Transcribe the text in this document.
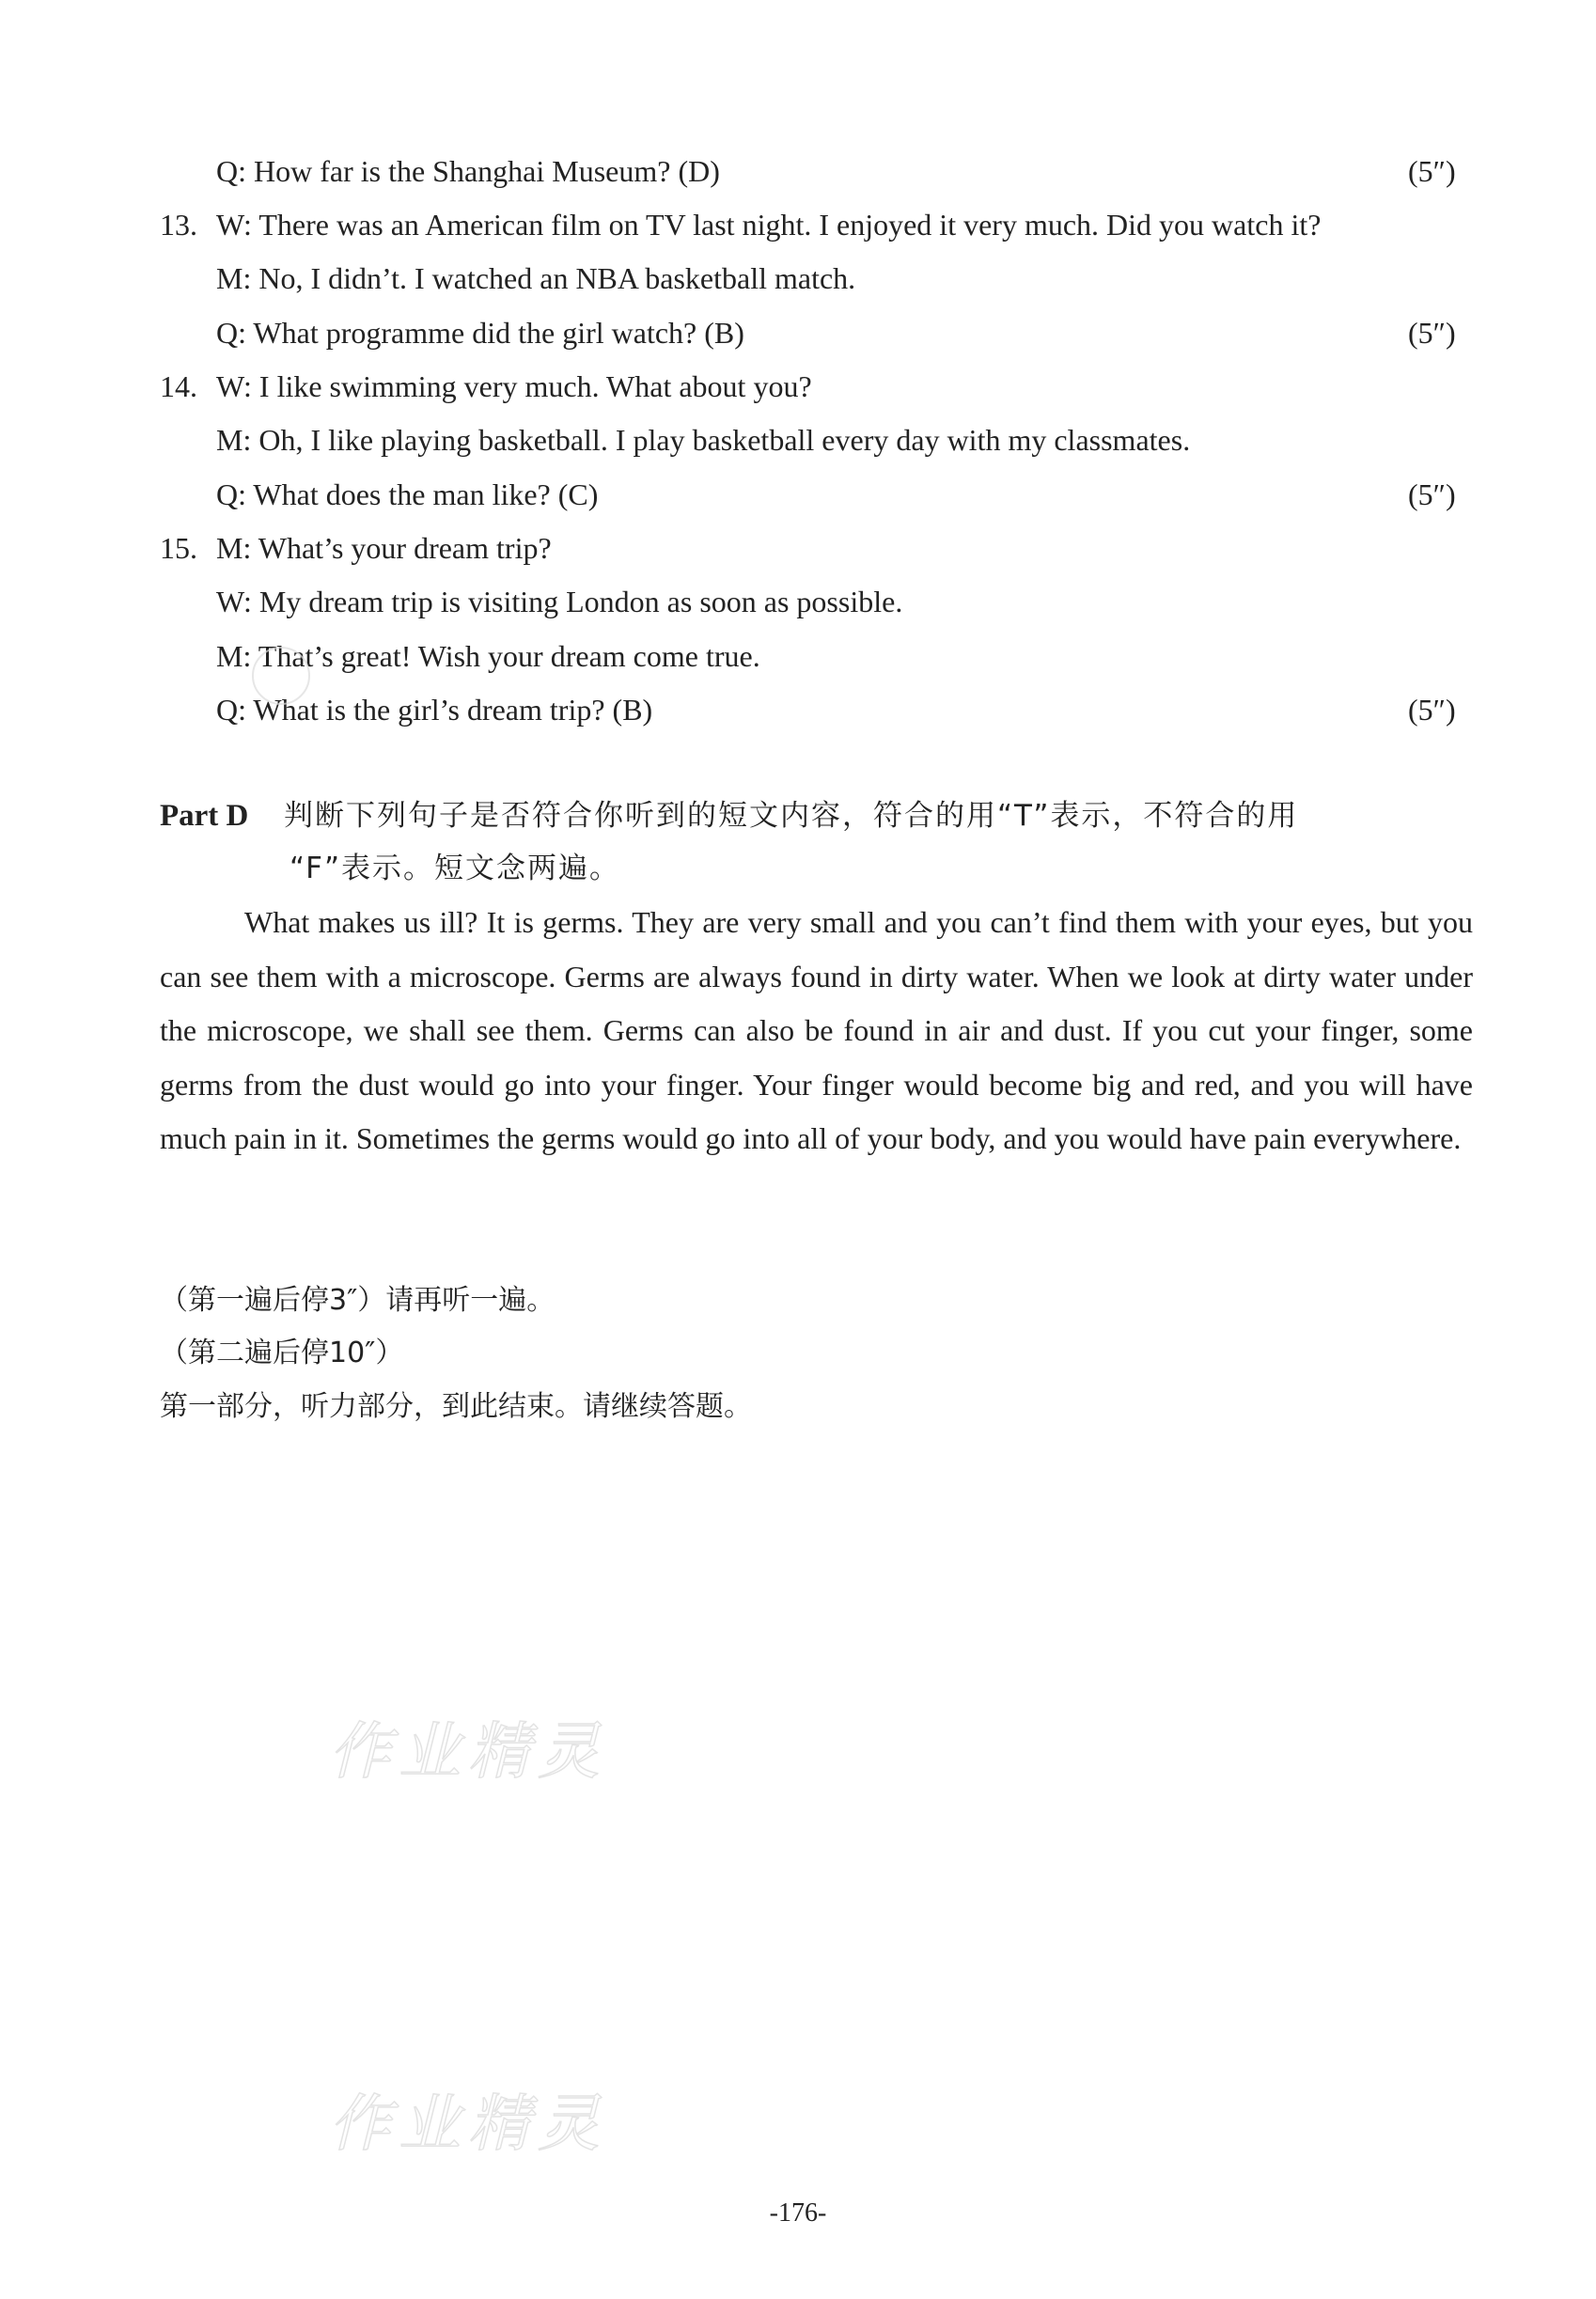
Q: How far is the Shanghai Museum? (D)	(5″)
13. W: There was an American film on TV last night. I enjoyed it very much. Did you watch it?
M: No, I didn’t. I watched an NBA basketball match.
Q: What programme did the girl watch? (B)	(5″)
14. W: I like swimming very much. What about you?
M: Oh, I like playing basketball. I play basketball every day with my classmates.
Q: What does the man like? (C)	(5″)
15. M: What’s your dream trip?
W: My dream trip is visiting London as soon as possible.
M: That’s great! Wish your dream come true.
Q: What is the girl’s dream trip? (B)	(5″)
Part D 判断下列句子是否符合你听到的短文内容，符合的用“T”表示，不符合的用
“F”表示。短文念两遍。
What makes us ill? It is germs. They are very small and you can’t find them with your eyes, but you can see them with a microscope. Germs are always found in dirty water. When we look at dirty water under the microscope, we shall see them. Germs can also be found in air and dust. If you cut your finger, some germs from the dust would go into your finger. Your finger would become big and red, and you will have much pain in it. Sometimes the germs would go into all of your body, and you would have pain everywhere.
（第一遍后停3″）请再听一遍。
（第二遍后停10″）
第一部分，听力部分，到此结束。请继续答题。
作业精灵
作业精灵
-176-
